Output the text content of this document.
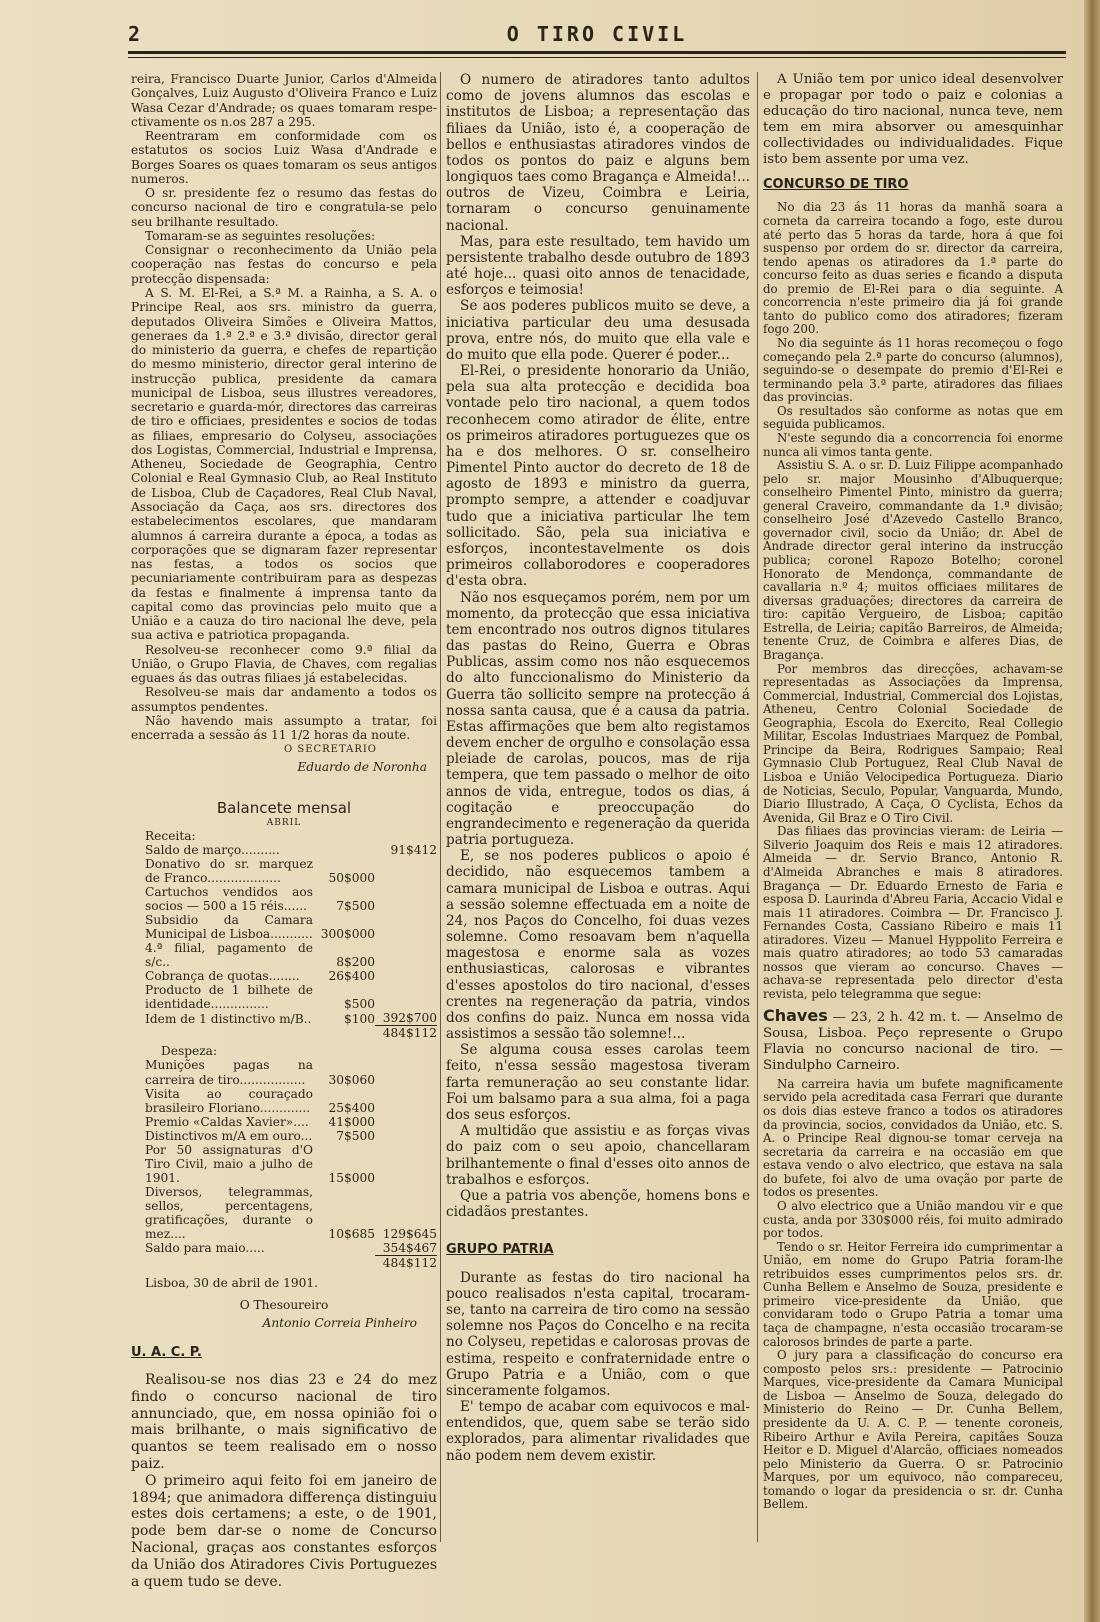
2	O TIRO CIVIL

reira, Francisco Duarte Junior, Carlos d'Almeida Gonçalves, Luiz Augusto d'Oliveira Franco e Luiz Wasa Cezar d'Andrade; os quaes tomaram respe-ctivamente os n.os 287 a 295.

Reentraram em conformidade com os estatutos os socios Luiz Wasa d'Andrade e Borges Soares os quaes tomaram os seus antigos numeros.

O sr. presidente fez o resumo das festas do concurso nacional de tiro e congratula-se pelo seu brilhante resultado.

Tomaram-se as seguintes resoluções:

Consignar o reconhecimento da União pela cooperação nas festas do concurso e pela protecção dispensada:

A S. M. El-Rei, a S.ª M. a Rainha, a S. A. o Principe Real, aos srs. ministro da guerra, deputados Oliveira Simões e Oliveira Mattos, generaes da 1.ª 2.ª e 3.ª divisão, director geral do ministerio da guerra, e chefes de repartição do mesmo ministerio, director geral interino de instrucção publica, presidente da camara municipal de Lisboa, seus illustres vereadores, secretario e guarda-mór, directores das carreiras de tiro e officiaes, presidentes e socios de todas as filiaes, empresario do Colyseu, associações dos Logistas, Commercial, Industrial e Imprensa, Atheneu, Sociedade de Geographia, Centro Colonial e Real Gymnasio Club, ao Real Instituto de Lisboa, Club de Caçadores, Real Club Naval, Associação da Caça, aos srs. directores dos estabelecimentos escolares, que mandaram alumnos á carreira durante a época, a todas as corporações que se dignaram fazer representar nas festas, a todos os socios que pecuniariamente contribuiram para as despezas da festas e finalmente á imprensa tanto da capital como das provincias pelo muito que a União e a cauza do tiro nacional lhe deve, pela sua activa e patriotica propaganda.

Resolveu-se reconhecer como 9.ª filial da União, o Grupo Flavia, de Chaves, com regalias eguaes ás das outras filiaes já estabelecidas.

Resolveu-se mais dar andamento a todos os assumptos pendentes.

Não havendo mais assumpto a tratar, foi encerrada a sessão ás 11 1/2 horas da noute.

O SECRETARIO
Eduardo de Noronha
Balancete mensal
ABRIL
Receita:
Saldo de março..........		91$412
Donativo do sr. marquez de Franco...................	50$000	
Cartuchos vendidos aos socios — 500 a 15 réis......	7$500	
Subsidio da Camara Municipal de Lisboa...........	300$000	
4.ª filial, pagamento de s/c..	8$200	
Cobrança de quotas........	26$400	
Producto de 1 bilhete de identidade...............	$500	
Idem de 1 distinctivo m/B..	$100	392$700
		484$112
Despeza:
Munições pagas na carreira de tiro.................	30$060	
Visita ao couraçado brasileiro Floriano.............	25$400	
Premio «Caldas Xavier»....	41$000	
Distinctivos m/A em ouro...	7$500	
Por 50 assignaturas d'O Tiro Civil, maio a julho de 1901.	15$000	
Diversos, telegrammas, sellos, percentagens, gratificações, durante o mez....	10$685	129$645
Saldo para maio.....		354$467
		484$112
Lisboa, 30 de abril de 1901.
O Thesoureiro
Antonio Correia Pinheiro
U. A. C. P.

Realisou-se nos dias 23 e 24 do mez findo o concurso nacional de tiro annunciado, que, em nossa opinião foi o mais brilhante, o mais significativo de quantos se teem realisado em o nosso paiz.

O primeiro aqui feito foi em janeiro de 1894; que animadora differença distinguiu estes dois certamens; a este, o de 1901, pode bem dar-se o nome de Concurso Nacional, graças aos constantes esforços da União dos Atiradores Civis Portuguezes a quem tudo se deve.

O numero de atiradores tanto adultos como de jovens alumnos das escolas e institutos de Lisboa; a representação das filiaes da União, isto é, a cooperação de bellos e enthusiastas atiradores vindos de todos os pontos do paiz e alguns bem longiquos taes como Bragança e Almeida!... outros de Vizeu, Coimbra e Leiria, tornaram o concurso genuinamente nacional.

Mas, para este resultado, tem havido um persistente trabalho desde outubro de 1893 até hoje... quasi oito annos de tenacidade, esforços e teimosia!

Se aos poderes publicos muito se deve, a iniciativa particular deu uma desusada prova, entre nós, do muito que ella vale e do muito que ella pode. Querer é poder...

El-Rei, o presidente honorario da União, pela sua alta protecção e decidida boa vontade pelo tiro nacional, a quem todos reconhecem como atirador de élite, entre os primeiros atiradores portuguezes que os ha e dos melhores. O sr. conselheiro Pimentel Pinto auctor do decreto de 18 de agosto de 1893 e ministro da guerra, prompto sempre, a attender e coadjuvar tudo que a iniciativa particular lhe tem sollicitado. São, pela sua iniciativa e esforços, incontestavelmente os dois primeiros collaborodores e cooperadores d'esta obra.

Não nos esqueçamos porém, nem por um momento, da protecção que essa iniciativa tem encontrado nos outros dignos titulares das pastas do Reino, Guerra e Obras Publicas, assim como nos não esquecemos do alto funccionalismo do Ministerio da Guerra tão sollicito sempre na protecção á nossa santa causa, que é a causa da patria. Estas affirmações que bem alto registamos devem encher de orgulho e consolação essa pleiade de carolas, poucos, mas de rija tempera, que tem passado o melhor de oito annos de vida, entregue, todos os dias, á cogitação e preoccupação do engrandecimento e regeneração da querida patria portugueza.

E, se nos poderes publicos o apoio é decidido, não esquecemos tambem a camara municipal de Lisboa e outras. Aqui a sessão solemne effectuada em a noite de 24, nos Paços do Concelho, foi duas vezes solemne. Como resoavam bem n'aquella magestosa e enorme sala as vozes enthusiasticas, calorosas e vibrantes d'esses apostolos do tiro nacional, d'esses crentes na regeneração da patria, vindos dos confins do paiz. Nunca em nossa vida assistimos a sessão tão solemne!...

Se alguma cousa esses carolas teem feito, n'essa sessão magestosa tiveram farta remuneração ao seu constante lidar. Foi um balsamo para a sua alma, foi a paga dos seus esforços.

A multidão que assistiu e as forças vivas do paiz com o seu apoio, chancellaram brilhantemente o final d'esses oito annos de trabalhos e esforços.

Que a patria vos abençõe, homens bons e cidadãos prestantes.

GRUPO PATRIA

Durante as festas do tiro nacional ha pouco realisados n'esta capital, trocaram-se, tanto na carreira de tiro como na sessão solemne nos Paços do Concelho e na recita no Colyseu, repetidas e calorosas provas de estima, respeito e confraternidade entre o Grupo Patria e a União, com o que sinceramente folgamos.

E' tempo de acabar com equivocos e mal-entendidos, que, quem sabe se terão sido explorados, para alimentar rivalidades que não podem nem devem existir.

A União tem por unico ideal desenvolver e propagar por todo o paiz e colonias a educação do tiro nacional, nunca teve, nem tem em mira absorver ou amesquinhar collectividades ou individualidades. Fique isto bem assente por uma vez.

CONCURSO DE TIRO

No dia 23 ás 11 horas da manhã soara a corneta da carreira tocando a fogo, este durou até perto das 5 horas da tarde, hora á que foi suspenso por ordem do sr. director da carreira, tendo apenas os atiradores da 1.ª parte do concurso feito as duas series e ficando a disputa do premio de El-Rei para o dia seguinte. A concorrencia n'este primeiro dia já foi grande tanto do publico como dos atiradores; fizeram fogo 200.

No dia seguinte ás 11 horas recomeçou o fogo começando pela 2.ª parte do concurso (alumnos), seguindo-se o desempate do premio d'El-Rei e terminando pela 3.ª parte, atiradores das filiaes das provincias.

Os resultados são conforme as notas que em seguida publicamos.

N'este segundo dia a concorrencia foi enorme nunca ali vimos tanta gente.

Assistiu S. A. o sr. D. Luiz Filippe acompanhado pelo sr. major Mousinho d'Albuquerque; conselheiro Pimentel Pinto, ministro da guerra; general Craveiro, commandante da 1.ª divisão; conselheiro José d'Azevedo Castello Branco, governador civil, socio da União; dr. Abel de Andrade director geral interino da instrucção publica; coronel Rapozo Botelho; coronel Honorato de Mendonça, commandante de cavallaria n.º 4; muitos officiaes militares de diversas graduações; directores da carreira de tiro: capitão Vergueiro, de Lisboa; capitão Estrella, de Leiria; capitão Barreiros, de Almeida; tenente Cruz, de Coimbra e alferes Dias, de Bragança.

Por membros das direcções, achavam-se representadas as Associações da Imprensa, Commercial, Industrial, Commercial dos Lojistas, Atheneu, Centro Colonial Sociedade de Geographia, Escola do Exercito, Real Collegio Militar, Escolas Industriaes Marquez de Pombal, Principe da Beira, Rodrigues Sampaio; Real Gymnasio Club Portuguez, Real Club Naval de Lisboa e União Velocipedica Portugueza. Diario de Noticias, Seculo, Popular, Vanguarda, Mundo, Diario Illustrado, A Caça, O Cyclista, Echos da Avenida, Gil Braz e O Tiro Civil.

Das filiaes das provincias vieram: de Leiria — Silverio Joaquim dos Reis e mais 12 atiradores. Almeida — dr. Servio Branco, Antonio R. d'Almeida Abranches e mais 8 atiradores. Bragança — Dr. Eduardo Ernesto de Faria e esposa D. Laurinda d'Abreu Faria, Accacio Vidal e mais 11 atiradores. Coimbra — Dr. Francisco J. Fernandes Costa, Cassiano Ribeiro e mais 11 atiradores. Vizeu — Manuel Hyppolito Ferreira e mais quatro atiradores; ao todo 53 camaradas nossos que vieram ao concurso. Chaves — achava-se representada pelo director d'esta revista, pelo telegramma que segue:

Chaves — 23, 2 h. 42 m. t. — Anselmo de Sousa, Lisboa. Peço represente o Grupo Flavia no concurso nacional de tiro. — Sindulpho Carneiro.

Na carreira havia um bufete magnificamente servido pela acreditada casa Ferrari que durante os dois dias esteve franco a todos os atiradores da provincia, socios, convidados da União, etc. S. A. o Principe Real dignou-se tomar cerveja na secretaria da carreira e na occasião em que estava vendo o alvo electrico, que estava na sala do bufete, foi alvo de uma ovação por parte de todos os presentes.

O alvo electrico que a União mandou vir e que custa, anda por 330$000 réis, foi muito admirado por todos.

Tendo o sr. Heitor Ferreira ido cumprimentar a União, em nome do Grupo Patria foram-lhe retribuidos esses cumprimentos pelos srs. dr. Cunha Bellem e Anselmo de Souza, presidente e primeiro vice-presidente da União, que convidaram todo o Grupo Patria a tomar uma taça de champagne, n'esta occasião trocaram-se calorosos brindes de parte a parte.

O jury para a classificação do concurso era composto pelos srs.: presidente — Patrocinio Marques, vice-presidente da Camara Municipal de Lisboa — Anselmo de Souza, delegado do Ministerio do Reino — Dr. Cunha Bellem, presidente da U. A. C. P. — tenente coroneis, Ribeiro Arthur e Avila Pereira, capitães Souza Heitor e D. Miguel d'Alarcão, officiaes nomeados pelo Ministerio da Guerra. O sr. Patrocinio Marques, por um equivoco, não compareceu, tomando o logar da presidencia o sr. dr. Cunha Bellem.
